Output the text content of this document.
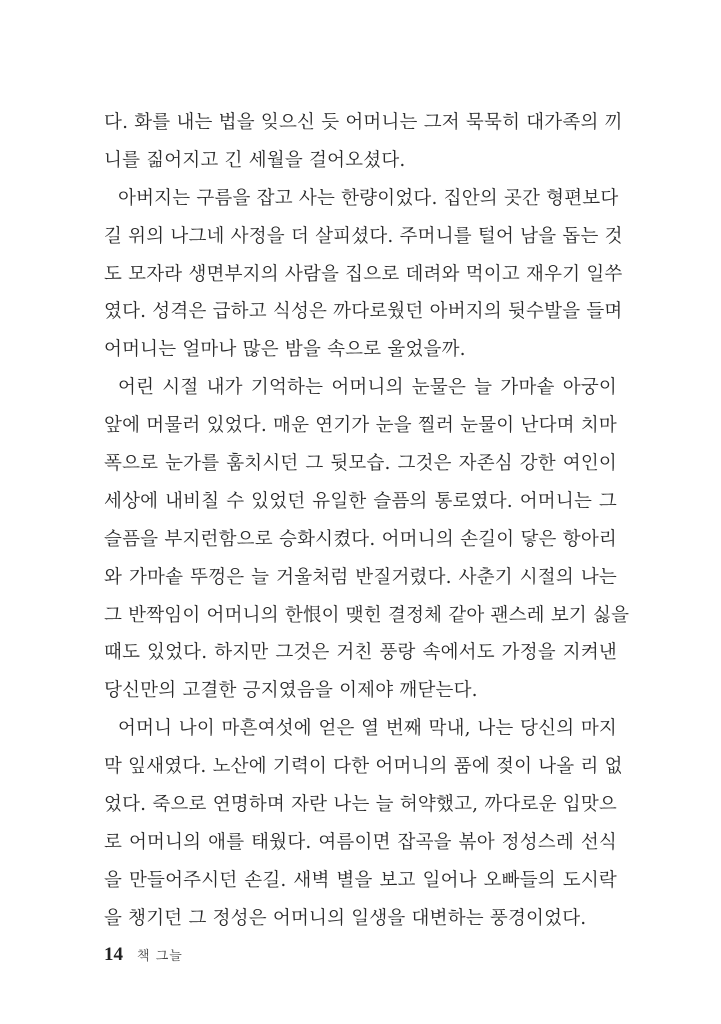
다. 화를 내는 법을 잊으신 듯 어머니는 그저 묵묵히 대가족의 끼
니를 짊어지고 긴 세월을 걸어오셨다.
아버지는 구름을 잡고 사는 한량이었다. 집안의 곳간 형편보다
길 위의 나그네 사정을 더 살피셨다. 주머니를 털어 남을 돕는 것
도 모자라 생면부지의 사람을 집으로 데려와 먹이고 재우기 일쑤
였다. 성격은 급하고 식성은 까다로웠던 아버지의 뒷수발을 들며
어머니는 얼마나 많은 밤을 속으로 울었을까.
어린 시절 내가 기억하는 어머니의 눈물은 늘 가마솥 아궁이
앞에 머물러 있었다. 매운 연기가 눈을 찔러 눈물이 난다며 치마
폭으로 눈가를 훔치시던 그 뒷모습. 그것은 자존심 강한 여인이
세상에 내비칠 수 있었던 유일한 슬픔의 통로였다. 어머니는 그
슬픔을 부지런함으로 승화시켰다. 어머니의 손길이 닿은 항아리
와 가마솥 뚜껑은 늘 거울처럼 반질거렸다. 사춘기 시절의 나는
그 반짝임이 어머니의 한恨이 맺힌 결정체 같아 괜스레 보기 싫을
때도 있었다. 하지만 그것은 거친 풍랑 속에서도 가정을 지켜낸
당신만의 고결한 긍지였음을 이제야 깨닫는다.
어머니 나이 마흔여섯에 얻은 열 번째 막내, 나는 당신의 마지
막 잎새였다. 노산에 기력이 다한 어머니의 품에 젖이 나올 리 없
었다. 죽으로 연명하며 자란 나는 늘 허약했고, 까다로운 입맛으
로 어머니의 애를 태웠다. 여름이면 잡곡을 볶아 정성스레 선식
을 만들어주시던 손길. 새벽 별을 보고 일어나 오빠들의 도시락
을 챙기던 그 정성은 어머니의 일생을 대변하는 풍경이었다.
14 책 그늘
